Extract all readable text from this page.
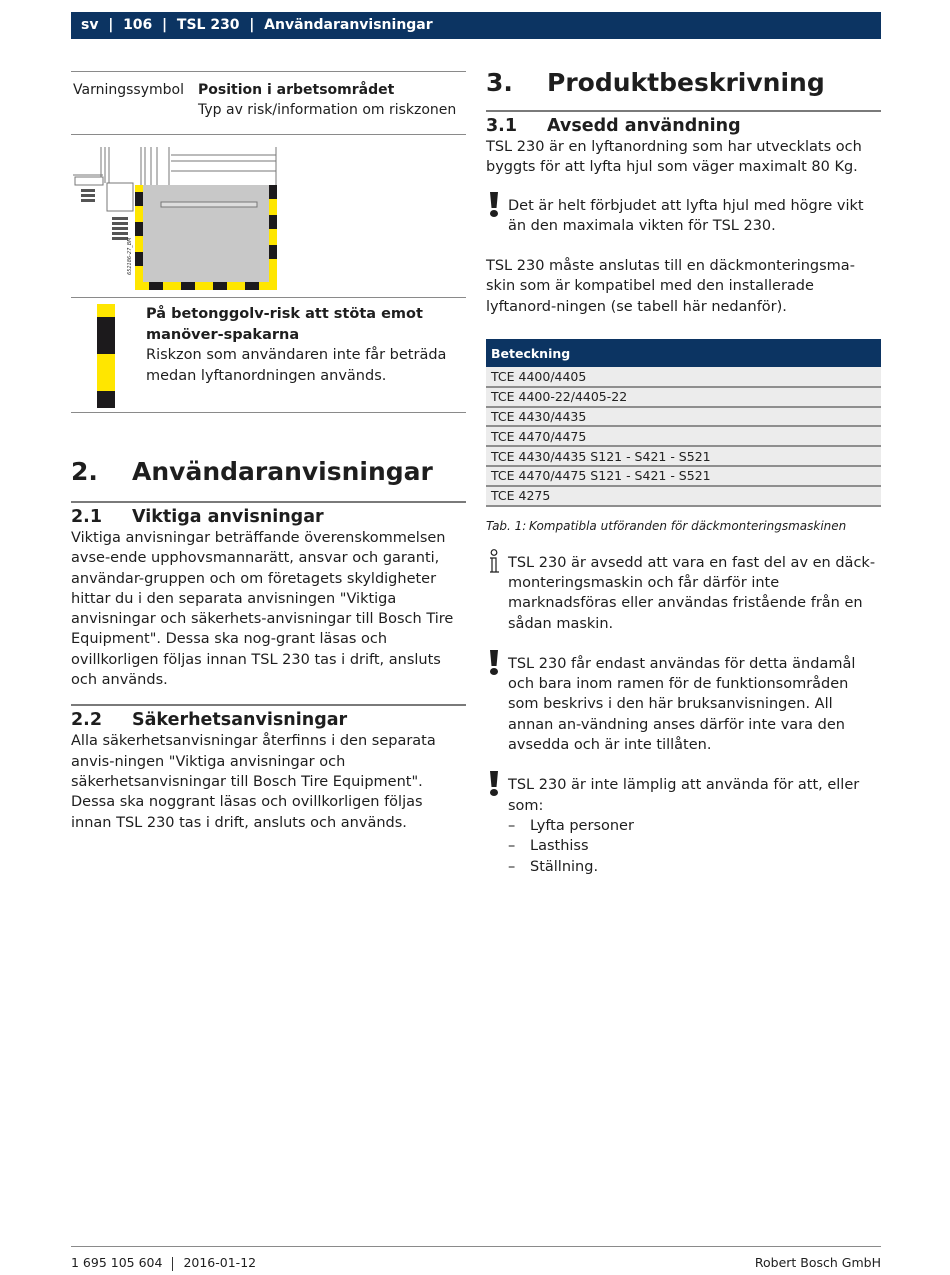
sv  |  106  |  TSL 230  |  Användaranvisningar
Varningssymbol	Position i arbetsområdet
Typ av risk/information om riskzonen
652186-27_BM
På betonggolv-risk att stöta emot manöver-spakarna
Riskzon som användaren inte får beträda medan lyftanordningen används.
2.	Användaranvisningar
2.1	Viktiga anvisningar

Viktiga anvisningar beträffande överenskommelsen avse-ende upphovsmannarätt, ansvar och garanti, användar-gruppen och om företagets skyldigheter hittar du i den separata anvisningen "Viktiga anvisningar och säkerhets-anvisningar till Bosch Tire Equipment". Dessa ska nog-grant läsas och ovillkorligen följas innan TSL 230 tas i drift, ansluts och används.

2.2	Säkerhetsanvisningar

Alla säkerhetsanvisningar återfinns i den separata anvis-ningen "Viktiga anvisningar och säkerhetsanvisningar till Bosch Tire Equipment". Dessa ska noggrant läsas och ovillkorligen följas innan TSL 230 tas i drift, ansluts och används.

3.	Produktbeskrivning
3.1	Avsedd användning

TSL 230 är en lyftanordning som har utvecklats och byggts för att lyfta hjul som väger maximalt 80 Kg.

Det är helt förbjudet att lyfta hjul med högre vikt än den maximala vikten för TSL 230.

TSL 230 måste anslutas till en däckmonteringsma-skin som är kompatibel med den installerade lyftanord-ningen (se tabell här nedanför).

Beteckning
TCE 4400/4405
TCE 4400-22/4405-22
TCE 4430/4435
TCE 4470/4475
TCE 4430/4435 S121 - S421 - S521
TCE 4470/4475 S121 - S421 - S521
TCE 4275
Tab. 1: Kompatibla utföranden för däckmonteringsmaskinen
TSL 230 är avsedd att vara en fast del av en däck-monteringsmaskin och får därför inte marknadsföras eller användas fristående från en sådan maskin.
TSL 230 får endast användas för detta ändamål och bara inom ramen för de funktionsområden som beskrivs i den här bruksanvisningen. All annan an-vändning anses därför inte vara den avsedda och är inte tillåten.
TSL 230 är inte lämplig att använda för att, eller som:
–	Lyfta personer
–	Lasthiss
–	Ställning.
1 695 105 604 2016-01-12	Robert Bosch GmbH
